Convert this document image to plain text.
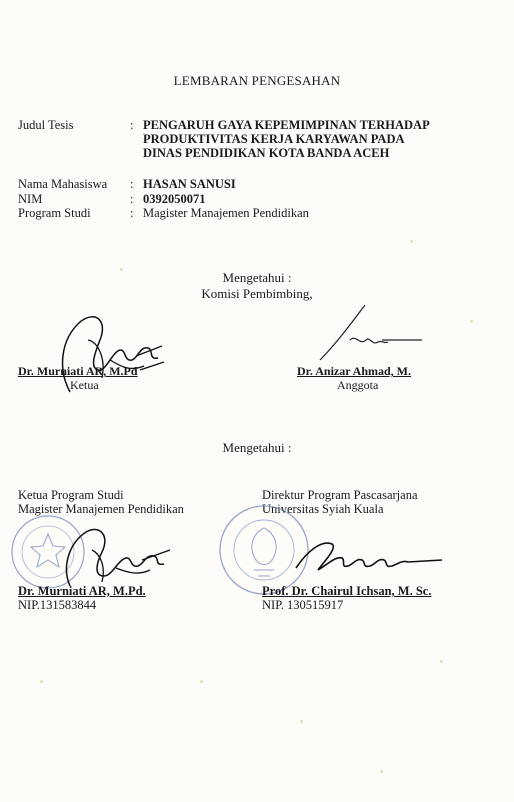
LEMBARAN PENGESAHAN
Judul Tesis	: PENGARUH GAYA KEPEMIMPINAN TERHADAP
PRODUKTIVITAS KERJA KARYAWAN PADA
DINAS PENDIDIKAN KOTA BANDA ACEH
Nama Mahasiswa : HASAN SANUSI
NIM	: 0392050071
Program Studi	: Magister Manajemen Pendidikan
Mengetahui :
Komisi Pembimbing,
Dr. Murniati AR, M.Pd
Ketua
Dr. Anizar Ahmad, M.
Anggota
Mengetahui :
Ketua Program Studi
Magister Manajemen Pendidikan
Dr. Murniati AR, M.Pd.
NIP.131583844
Direktur Program Pascasarjana
Universitas Syiah Kuala
Prof. Dr. Chairul Ichsan, M. Sc.
NIP. 130515917
